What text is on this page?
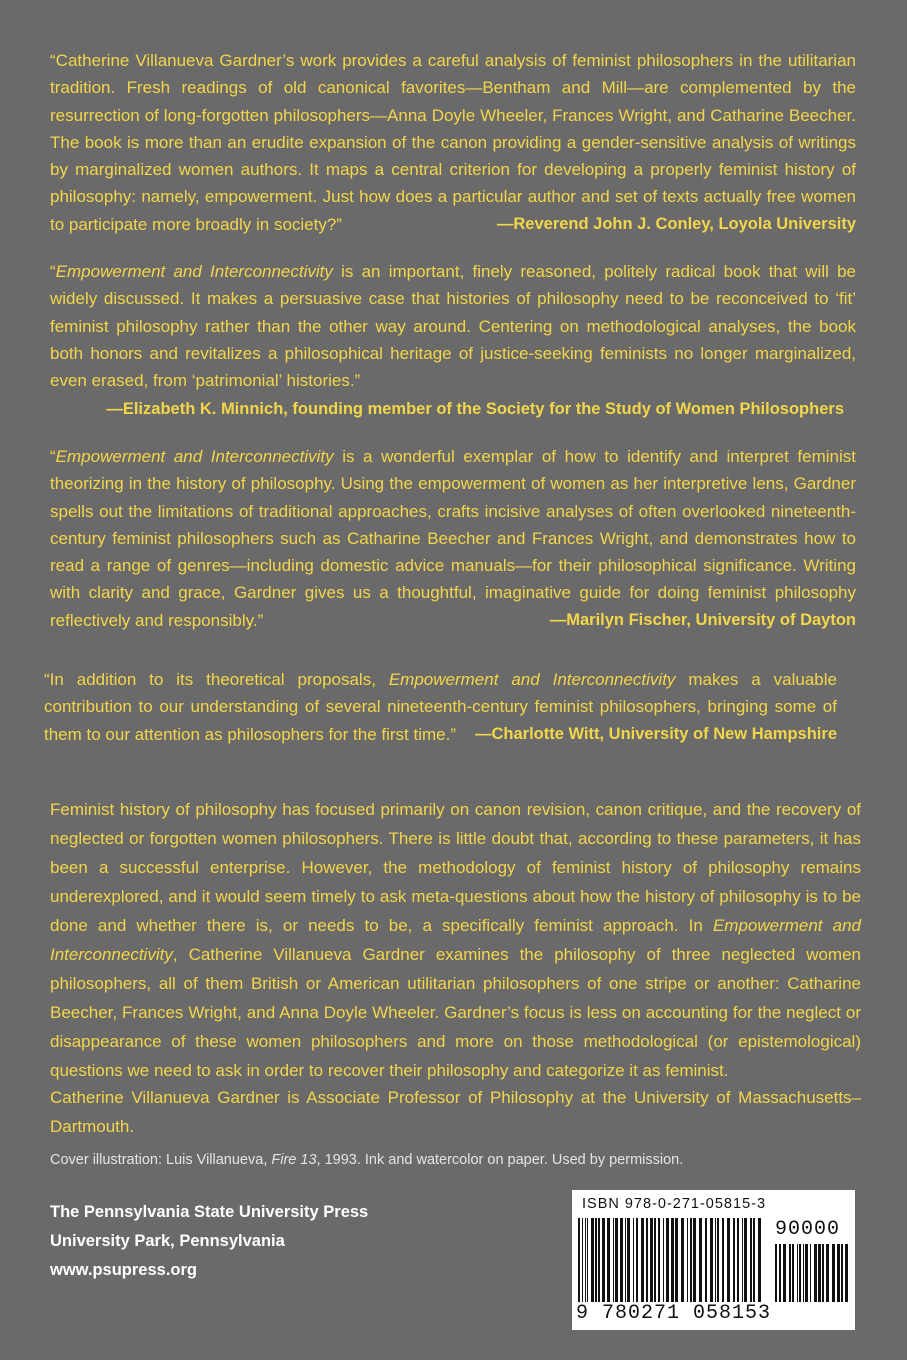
“Catherine Villanueva Gardner’s work provides a careful analysis of feminist philosophers in the utilitarian tradition. Fresh readings of old canonical favorites—Bentham and Mill—are complemented by the resurrection of long-forgotten philosophers—Anna Doyle Wheeler, Frances Wright, and Catharine Beecher. The book is more than an erudite expansion of the canon providing a gender-sensitive analysis of writings by marginalized women authors. It maps a central criterion for developing a properly feminist history of philosophy: namely, empowerment. Just how does a particular author and set of texts actually free women to participate more broadly in society?”	—Reverend John J. Conley, Loyola University

“Empowerment and Interconnectivity is an important, finely reasoned, politely radical book that will be widely discussed. It makes a persuasive case that histories of philosophy need to be reconceived to ‘fit’ feminist philosophy rather than the other way around. Centering on methodological analyses, the book both honors and revitalizes a philosophical heritage of justice-seeking feminists no longer marginalized, even erased, from ‘patrimonial’ histories.”
—Elizabeth K. Minnich, founding member of the Society for the Study of Women Philosophers

“Empowerment and Interconnectivity is a wonderful exemplar of how to identify and interpret feminist theorizing in the history of philosophy. Using the empowerment of women as her interpretive lens, Gardner spells out the limitations of traditional approaches, crafts incisive analyses of often overlooked nineteenth-century feminist philosophers such as Catharine Beecher and Frances Wright, and demonstrates how to read a range of genres—including domestic advice manuals—for their philosophical significance. Writing with clarity and grace, Gardner gives us a thoughtful, imaginative guide for doing feminist philosophy reflectively and responsibly.”	—Marilyn Fischer, University of Dayton

“In addition to its theoretical proposals, Empowerment and Interconnectivity makes a valuable contribution to our understanding of several nineteenth-century feminist philosophers, bringing some of them to our attention as philosophers for the first time.” —Charlotte Witt, University of New Hampshire

Feminist history of philosophy has focused primarily on canon revision, canon critique, and the recovery of neglected or forgotten women philosophers. There is little doubt that, according to these parameters, it has been a successful enterprise. However, the methodology of feminist history of philosophy remains underexplored, and it would seem timely to ask meta-questions about how the history of philosophy is to be done and whether there is, or needs to be, a specifically feminist approach. In Empowerment and Interconnectivity, Catherine Villanueva Gardner examines the philosophy of three neglected women philosophers, all of them British or American utilitarian philosophers of one stripe or another: Catharine Beecher, Frances Wright, and Anna Doyle Wheeler. Gardner’s focus is less on accounting for the neglect or disappearance of these women philosophers and more on those methodological (or epistemological) questions we need to ask in order to recover their philosophy and categorize it as feminist.

Catherine Villanueva Gardner is Associate Professor of Philosophy at the University of Massachusetts–Dartmouth.

Cover illustration: Luis Villanueva, Fire 13, 1993. Ink and watercolor on paper. Used by permission.

The Pennsylvania State University Press
University Park, Pennsylvania
www.psupress.org
ISBN 978-0-271-05815-3
90000
9 780271 058153
